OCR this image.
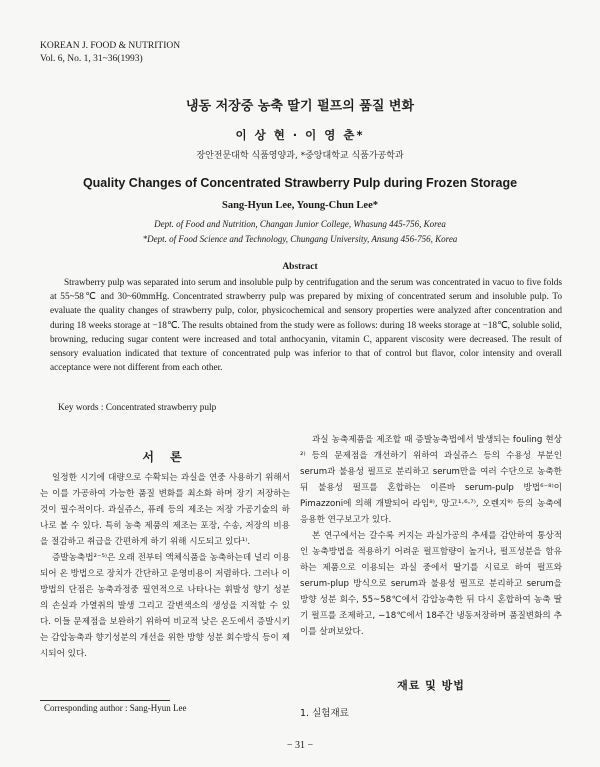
KOREAN J. FOOD & NUTRITION
Vol. 6, No. 1, 31~36(1993)
냉동 저장중 농축 딸기 펄프의 품질 변화
이 상 현 · 이 영 춘*
장안전문대학 식품영양과, *중앙대학교 식품가공학과
Quality Changes of Concentrated Strawberry Pulp during Frozen Storage
Sang-Hyun Lee, Young-Chun Lee*
Dept. of Food and Nutrition, Changan Junior College, Whasung 445-756, Korea
*Dept. of Food Science and Technology, Chungang University, Ansung 456-756, Korea
Abstract

Strawberry pulp was separated into serum and insoluble pulp by centrifugation and the serum was concentrated in vacuo to five folds at 55~58℃ and 30~60mmHg. Concentrated strawberry pulp was prepared by mixing of concentrated serum and insoluble pulp. To evaluate the quality changes of strawberry pulp, color, physicochemical and sensory properties were analyzed after concentration and during 18 weeks storage at −18℃. The results obtained from the study were as follows: during 18 weeks storage at −18℃, soluble solid, browning, reducing sugar content were increased and total anthocyanin, vitamin C, apparent viscosity were decreased. The result of sensory evaluation indicated that texture of concentrated pulp was inferior to that of control but flavor, color intensity and overall acceptance were not different from each other.

Key words : Concentrated strawberry pulp
서 론

일정한 시기에 대량으로 수확되는 과실을 연중 사용하기 위해서는 이를 가공하여 가능한 품질 변화를 최소화 하며 장기 저장하는 것이 필수적이다. 과실쥬스, 퓨레 등의 제조는 저장 가공기술의 하나로 볼 수 있다. 특히 농축 제품의 제조는 포장, 수송, 저장의 비용을 절감하고 취급을 간편하게 하기 위해 시도되고 있다¹⁾.

증발농축법²⁻⁵⁾은 오래 전부터 액체식품을 농축하는데 널리 이용되어 온 방법으로 장치가 간단하고 운영비용이 저렴하다. 그러나 이 방법의 단점은 농축과정중 필연적으로 나타나는 휘발성 향기 성분의 손실과 가열취의 발생 그리고 갈변색소의 생성을 지적할 수 있다. 이들 문제점을 보완하기 위하여 비교적 낮은 온도에서 증발시키는 감압농축과 향기성분의 개선을 위한 방향 성분 회수방식 등이 제시되어 있다.

과실 농축제품을 제조할 때 증발농축법에서 발생되는 fouling 현상²⁾ 등의 문제점을 개선하기 위하여 과실쥬스 등의 수용성 부분인 serum과 불용성 펄프로 분리하고 serum만을 여러 수단으로 농축한 뒤 불용성 펄프를 혼합하는 이른바 serum-pulp 방법⁶⁻⁸⁾이 Pimazzoni에 의해 개발되어 라임⁸⁾, 망고¹·⁶·⁷⁾, 오렌지⁹⁾ 등의 농축에 응용한 연구보고가 있다.

본 연구에서는 갈수록 커지는 과실가공의 추세를 감안하여 통상적인 농축방법을 적용하기 어려운 펄프함량이 높거나, 펄프성분을 함유하는 제품으로 이용되는 과실 중에서 딸기를 시료로 하여 펄프와 serum-plup 방식으로 serum과 불용성 펄프로 분리하고 serum을 방향 성분 회수, 55~58℃에서 감압농축한 뒤 다시 혼합하여 농축 딸기 펄프를 조제하고, −18℃에서 18주간 냉동저장하며 품질변화의 추이를 살펴보았다.

재료 및 방법
Corresponding author : Sang-Hyun Lee	1. 실험재료
− 31 −
